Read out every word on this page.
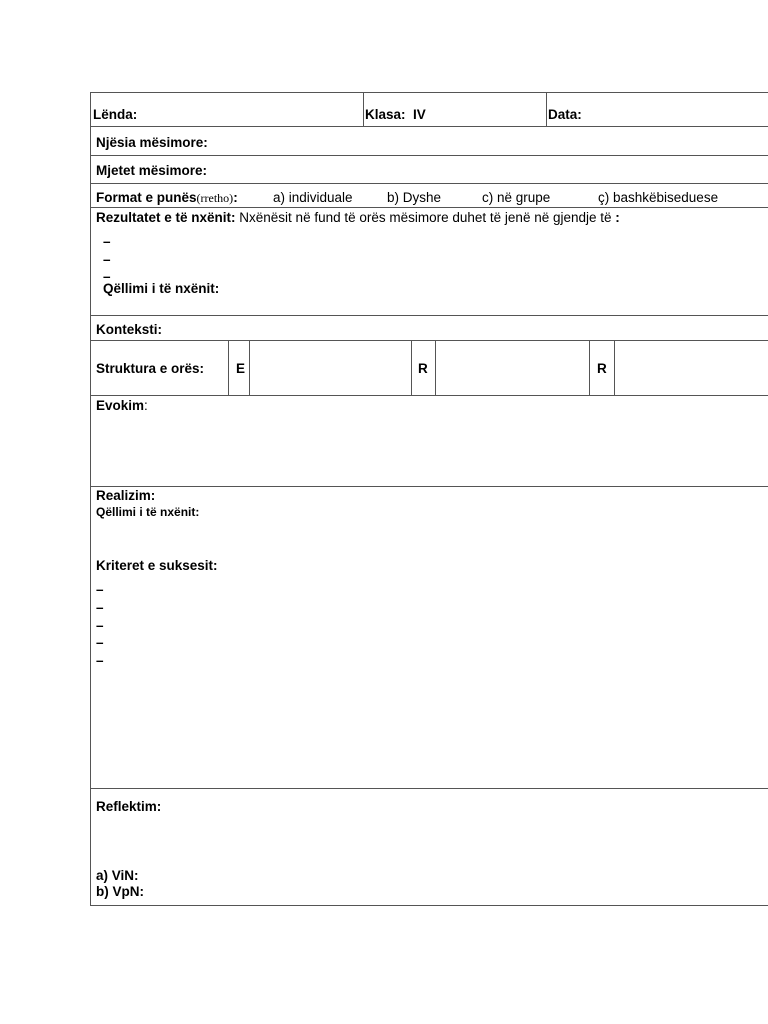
Lënda:	Klasa: IV	Data:
Njësia mësimore:
Mjetet mësimore:
Format e punës(rretho):	a) individuale	b) Dyshe	c) në grupe	ç) bashkëbiseduese
Rezultatet e të nxënit: Nxënësit në fund të orës mësimore duhet të jenë në gjendje të :
–
–
–
Qëllimi i të nxënit:
Konteksti:
Struktura e orës: E	R	R
Evokim:
Realizim:
Qëllimi i të nxënit:
Kriteret e suksesit:
–
–
–
–
–
Reflektim:
a) ViN:
b) VpN:
